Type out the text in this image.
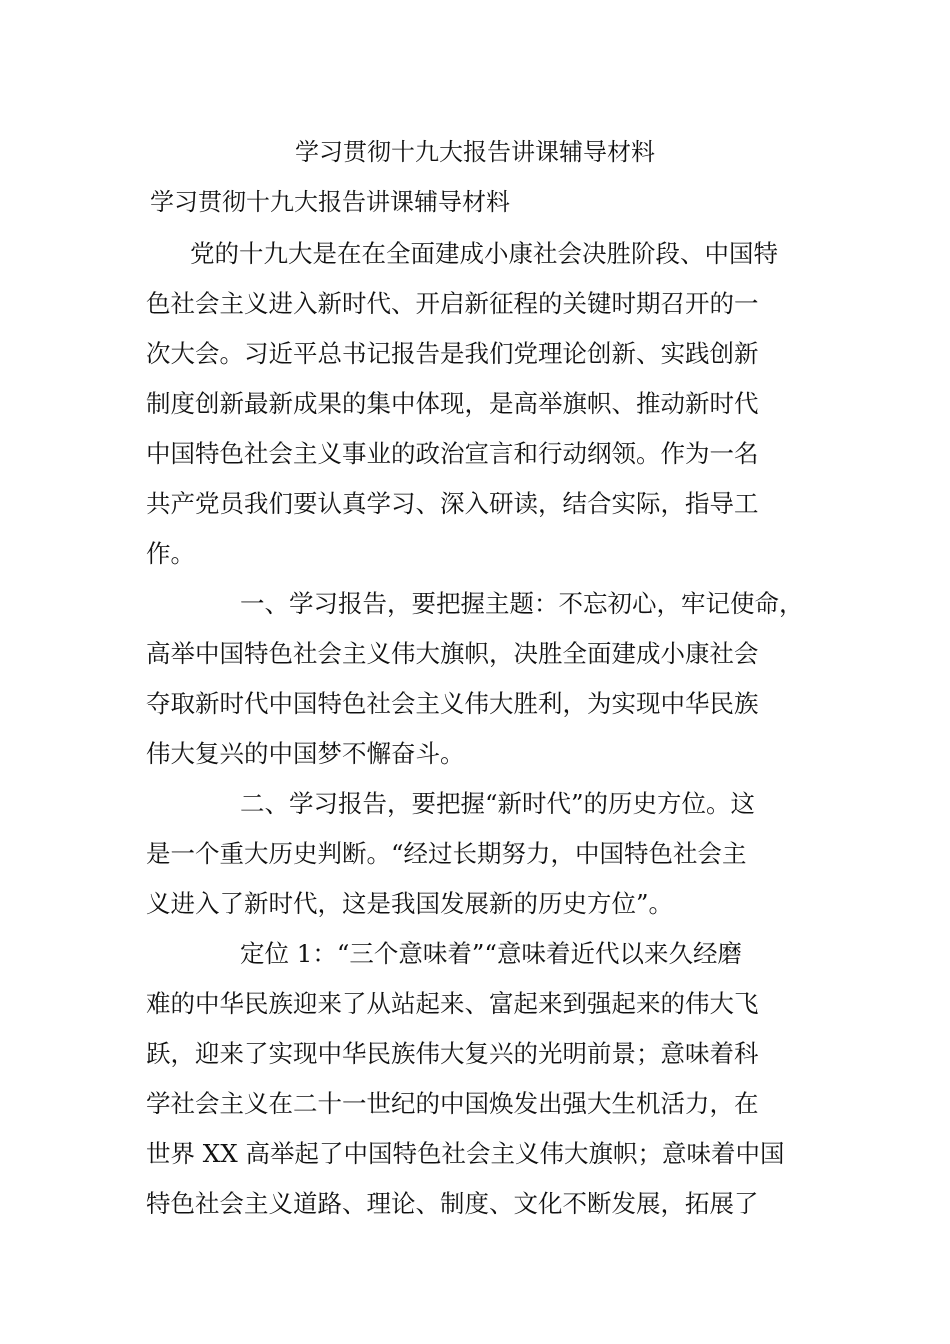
学习贯彻十九大报告讲课辅导材料
学习贯彻十九大报告讲课辅导材料
党的十九大是在在全面建成小康社会决胜阶段、中国特
色社会主义进入新时代、开启新征程的关键时期召开的一
次大会。习近平总书记报告是我们党理论创新、实践创新
制度创新最新成果的集中体现，是高举旗帜、推动新时代
中国特色社会主义事业的政治宣言和行动纲领。作为一名
共产党员我们要认真学习、深入研读，结合实际，指导工
作。
一、学习报告，要把握主题：不忘初心，牢记使命，
高举中国特色社会主义伟大旗帜，决胜全面建成小康社会
夺取新时代中国特色社会主义伟大胜利，为实现中华民族
伟大复兴的中国梦不懈奋斗。
二、学习报告，要把握“新时代”的历史方位。这
是一个重大历史判断。“经过长期努力，中国特色社会主
义进入了新时代，这是我国发展新的历史方位”。
定位 1：“三个意味着”“意味着近代以来久经磨
难的中华民族迎来了从站起来、富起来到强起来的伟大飞
跃，迎来了实现中华民族伟大复兴的光明前景；意味着科
学社会主义在二十一世纪的中国焕发出强大生机活力，在
世界 XX 高举起了中国特色社会主义伟大旗帜；意味着中国
特色社会主义道路、理论、制度、文化不断发展，拓展了
